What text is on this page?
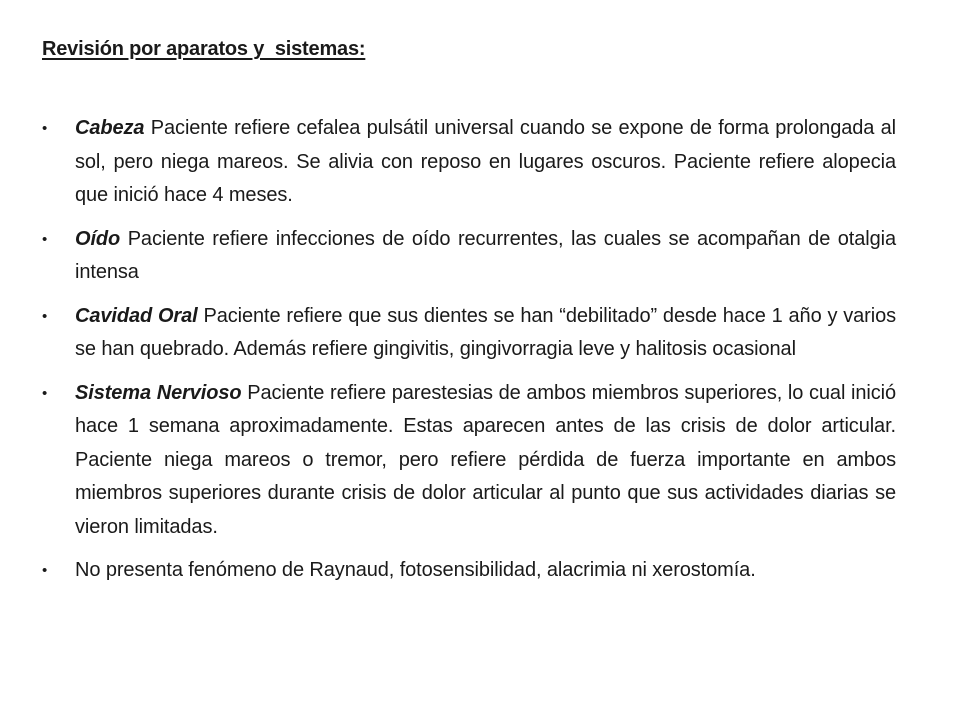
Revisión por aparatos y  sistemas:
• Cabeza Paciente refiere cefalea pulsátil universal cuando se expone de forma prolongada al sol, pero niega mareos. Se alivia con reposo en lugares oscuros. Paciente refiere alopecia que inició hace 4 meses.
• Oído Paciente refiere infecciones de oído recurrentes, las cuales se acompañan de otalgia intensa
• Cavidad Oral Paciente refiere que sus dientes se han “debilitado” desde hace 1 año y varios se han quebrado. Además refiere gingivitis, gingivorragia leve y halitosis ocasional
• Sistema Nervioso Paciente refiere parestesias de ambos miembros superiores, lo cual inició hace 1 semana aproximadamente. Estas aparecen antes de las crisis de dolor articular. Paciente niega mareos o tremor, pero refiere pérdida de fuerza importante en ambos miembros superiores durante crisis de dolor articular al punto que sus actividades diarias se vieron limitadas.
• No presenta fenómeno de Raynaud, fotosensibilidad, alacrimia ni xerostomía.
